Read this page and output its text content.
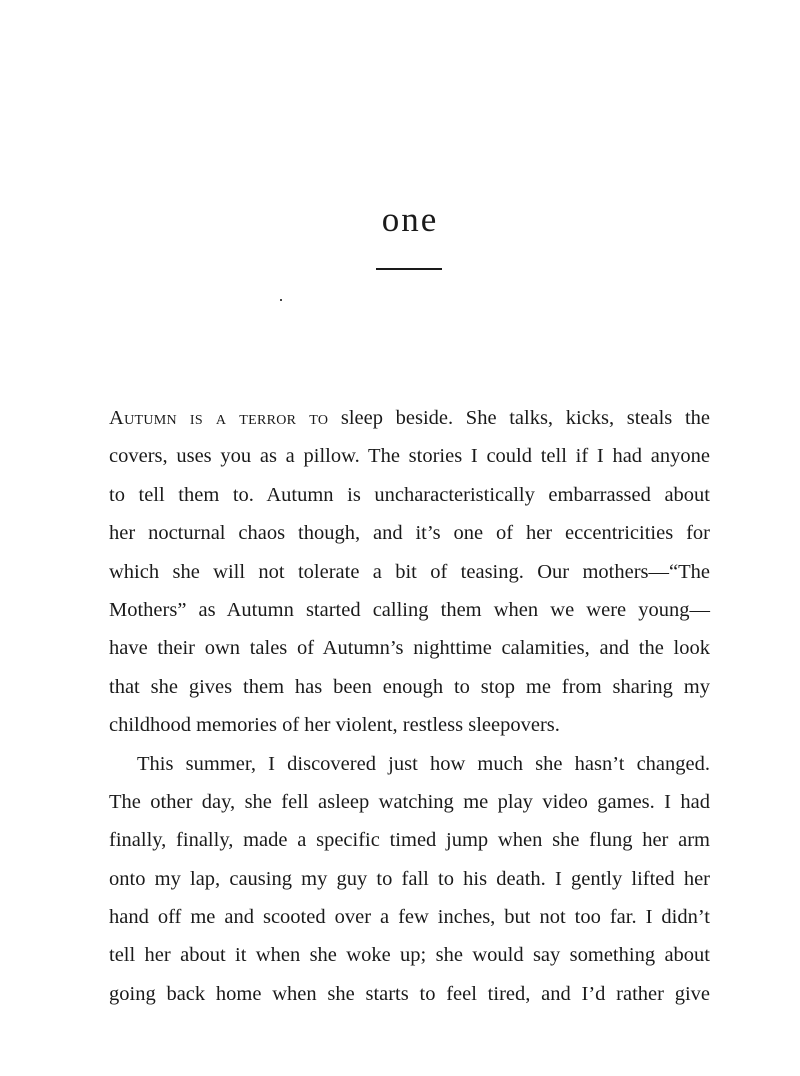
one
Autumn is a terror to sleep beside. She talks, kicks, steals the
covers, uses you as a pillow. The stories I could tell if I had anyone
to tell them to. Autumn is uncharacteristically embarrassed about
her nocturnal chaos though, and it’s one of her eccentricities for
which she will not tolerate a bit of teasing. Our mothers—“The
Mothers” as Autumn started calling them when we were young—
have their own tales of Autumn’s nighttime calamities, and the look
that she gives them has been enough to stop me from sharing my
childhood memories of her violent, restless sleepovers.
This summer, I discovered just how much she hasn’t changed.
The other day, she fell asleep watching me play video games. I had
finally, finally, made a specific timed jump when she flung her arm
onto my lap, causing my guy to fall to his death. I gently lifted her
hand off me and scooted over a few inches, but not too far. I didn’t
tell her about it when she woke up; she would say something about
going back home when she starts to feel tired, and I’d rather give
